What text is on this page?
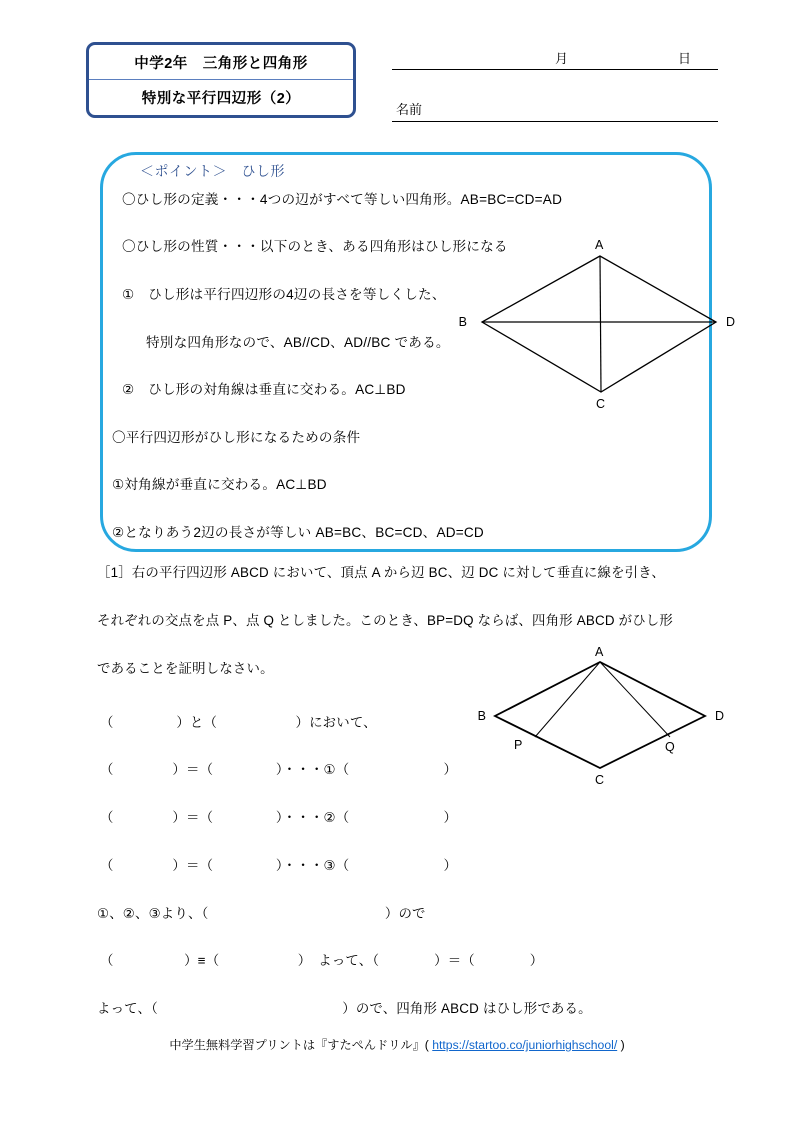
中学2年　三角形と四角形
特別な平行四辺形（2）
月	日
名前
＜ポイント＞　ひし形
〇ひし形の定義・・・4つの辺がすべて等しい四角形。AB=BC=CD=AD
〇ひし形の性質・・・以下のとき、ある四角形はひし形になる
①　ひし形は平行四辺形の4辺の長さを等しくした、
特別な四角形なので、AB//CD、AD//BC である。
②　ひし形の対角線は垂直に交わる。AC⊥BD
〇平行四辺形がひし形になるための条件
①対角線が垂直に交わる。AC⊥BD
②となりあう2辺の長さが等しい AB=BC、BC=CD、AD=CD
A
B
C
D
［1］右の平行四辺形 ABCD において、頂点 A から辺 BC、辺 DC に対して垂直に線を引き、
それぞれの交点を点 P、点 Q としました。このとき、BP=DQ ならば、四角形 ABCD がひし形
であることを証明しなさい。
A
B
C
D
P	Q
（                ）と（                    ）において、
（               ）＝（                ）・・・①（                        ）
（               ）＝（                ）・・・②（                        ）
（               ）＝（                ）・・・③（                        ）
①、②、③より、（                                             ）ので
（                  ）≡（                    ）　よって、（              ）＝（              ）
よって、（                                               ）ので、四角形 ABCD はひし形である。
中学生無料学習プリントは『すたぺんドリル』( https://startoo.co/juniorhighschool/ )
